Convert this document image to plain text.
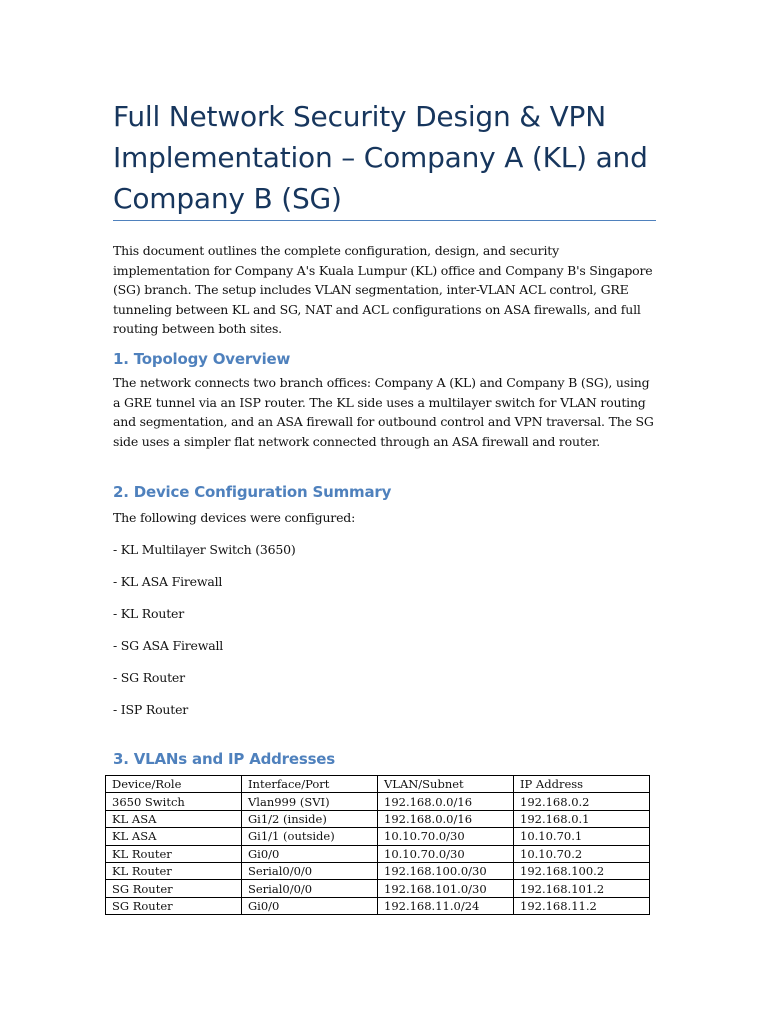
Full Network Security Design & VPN Implementation – Company A (KL) and Company B (SG)

This document outlines the complete configuration, design, and security implementation for Company A's Kuala Lumpur (KL) office and Company B's Singapore (SG) branch. The setup includes VLAN segmentation, inter-VLAN ACL control, GRE tunneling between KL and SG, NAT and ACL configurations on ASA firewalls, and full routing between both sites.

1. Topology Overview

The network connects two branch offices: Company A (KL) and Company B (SG), using a GRE tunnel via an ISP router. The KL side uses a multilayer switch for VLAN routing and segmentation, and an ASA firewall for outbound control and VPN traversal. The SG side uses a simpler flat network connected through an ASA firewall and router.

2. Device Configuration Summary

The following devices were configured:

- KL Multilayer Switch (3650)
- KL ASA Firewall
- KL Router
- SG ASA Firewall
- SG Router
- ISP Router
3. VLANs and IP Addresses
Device/Role	Interface/Port	VLAN/Subnet	IP Address
3650 Switch	Vlan999 (SVI)	192.168.0.0/16	192.168.0.2
KL ASA	Gi1/2 (inside)	192.168.0.0/16	192.168.0.1
KL ASA	Gi1/1 (outside)	10.10.70.0/30	10.10.70.1
KL Router	Gi0/0	10.10.70.0/30	10.10.70.2
KL Router	Serial0/0/0	192.168.100.0/30	192.168.100.2
SG Router	Serial0/0/0	192.168.101.0/30	192.168.101.2
SG Router	Gi0/0	192.168.11.0/24	192.168.11.2
